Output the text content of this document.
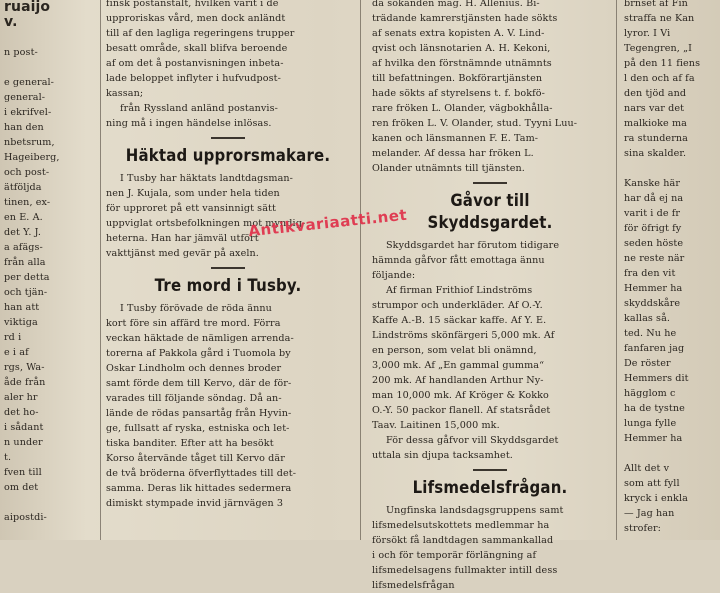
ruaijo
v.

n post-

e general-
general-
i ekrifvel-
han den
nbetsrum,
Hageiberg,
och post-
ätföljda
tinen, ex-
en E. A.
det Y. J.
a afägs-
från alla
per detta
och tjän-
han att
viktiga
rd i
e i af
rgs, Wa-
åde från
aler hr
det ho-
i sådant
n under
t.
fven till
om det

aipostdi-
finsk postanstalt, hvilken varit i de
upproriskas vård, men dock anländt
till af den lagliga regeringens trupper
besatt område, skall blifva beroende
af om det å postanvisningen inbeta-
lade beloppet inflyter i hufvudpost-
kassan;
från Ryssland anländ postanvis-
ning må i ingen händelse inlösas.
Häktad upprorsmakare.
I Tusby har häktats landtdagsman-
nen J. Kujala, som under hela tiden
för upproret på ett vansinnigt sätt
uppviglat ortsbefolkningen mot myndig-
heterna. Han har jämväl utfört
vakttjänst med gevär på axeln.
Tre mord i Tusby.
I Tusby förövade de röda ännu
kort före sin affärd tre mord. Förra
veckan häktade de nämligen arrenda-
torerna af Pakkola gård i Tuomola by
Oskar Lindholm och dennes broder
samt förde dem till Kervo, där de för-
varades till följande söndag. Då an-
lände de rödas pansartåg från Hyvin-
ge, fullsatt af ryska, estniska och let-
tiska banditer. Efter att ha besökt
Korso återvände tåget till Kervo där
de två bröderna öfverflyttades till det-
samma. Deras lik hittades sedermera
dimiskt stympade invid järnvägen 3
da sökanden mag. H. Allenius. Bi-
trädande kamrerstjänsten hade sökts
af senats extra kopisten A. V. Lind-
qvist och länsnotarien A. H. Kekoni,
af hvilka den förstnämnde utnämnts
till befattningen. Bokförartjänsten
hade sökts af styrelsens t. f. bokfö-
rare fröken L. Olander, vägbokhålla-
ren fröken L. V. Olander, stud. Tyyni Luu-
kanen och länsmannen F. E. Tam-
melander. Af dessa har fröken L.
Olander utnämnts till tjänsten.
Gåvor till Skyddsgardet.
Skyddsgardet har förutom tidigare
hämnda gåfvor fått emottaga ännu
följande:
Af firman Frithiof Lindströms
strumpor och underkläder. Af O.-Y.
Kaffe A.-B. 15 säckar kaffe. Af Y. E.
Lindströms skönfärgeri 5,000 mk. Af
en person, som velat bli onämnd,
3,000 mk. Af „En gammal gumma“
200 mk. Af handlanden Arthur Ny-
man 10,000 mk. Af Kröger & Kokko
O.-Y. 50 packor flanell. Af statsrådet
Taav. Laitinen 15,000 mk.
För dessa gåfvor vill Skyddsgardet
uttala sin djupa tacksamhet.
Lifsmedelsfrågan.
Ungfinska landsdagsgruppens samt
lifsmedelsutskottets medlemmar ha
försökt få landtdagen sammankallad
i och för temporär förlängning af
lifsmedelsagens fullmakter intill dess
lifsmedelsfrågan
brnset af Fin
straffa ne Kan
lyror. I Vi
Tegengren, „I
på den 11 fiens
l den och af fa
den tjöd and
nars var det
malkioke ma
ra stunderna
sina skalder.

Kanske här
har då ej na
varit i de fr
för öfrigt fy
seden höste
ne reste när
fra den vit
Hemmer ha
skyddskåre
kallas så.
ted. Nu he
fanfaren jag
De röster
Hemmers dit
hägglom c
ha de tystne
lunga fylle
Hemmer ha

Allt det v
som att fyll
kryck i enkla
— Jag han
strofer:
Antikvariaatti.net
